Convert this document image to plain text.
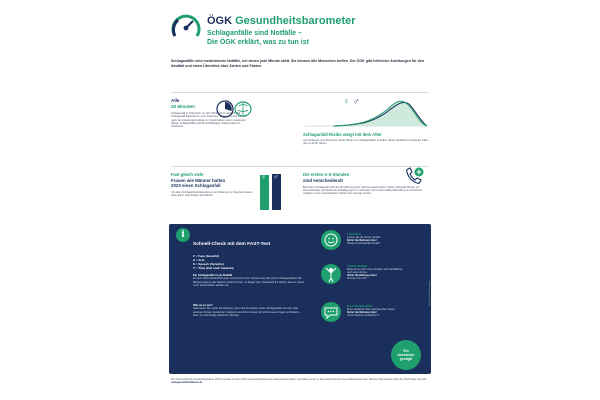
ÖGK Gesundheitsbarometer
Schlaganfälle sind Notfälle –
Die ÖGK erklärt, was zu tun ist
Schlaganfälle sind medizinische Notfälle, bei denen jede Minute zählt. Sie können alle Menschen treffen. Die ÖGK gibt hilfreiche Anleitungen für den Akutfall und einen Überblick über Zahlen und Fakten.
Alle
20 Minuten
Schlaganfall in Österreich. Im Jahr 2023 gab es über 25.000 Schlaganfall-Patientinnen und -Patienten. Viele von ihnen müssen nach dem Akutereignis länger im Spital bleiben oder in stationäre Pflege. Schlaganfälle sind die dritthäufigste Todesursache in Österreich.
♀ ♂
Schlaganfall-Risiko steigt mit dem Alter
Am häufigsten sind Menschen ab 60 Jahren von Schlaganfällen betroffen. Einen deutlichen Anstieg der Fälle gibt es ab 50 Jahren.
Fast gleich viele
Frauen wie Männer hatten
2023 einen Schlaganfall
Von allen Schlaganfall-Patientinnen und -Patienten in Österreich waren etwa gleich viele Frauen wie Männer.
♀ ♂	Die ersten 4–5 Stunden
sind entscheidend!
Bei einem Schlaganfall wird die Durchblutung des Gehirns unterbrochen. Daher zählt jede Minute, um lebenswichtige und bleibende Schädigungen zu verhindern. Am besten sollten Betroffene so schnell wie möglich in einer spezialisierten Stroke Unit versorgt werden.
i
Schnell-Check mit dem FAST-Test
F = Face (Gesicht)
A = Arm
S = Speech (Sprache)
T = Time (Zeit nach handeln)
Ein Schlaganfall ist ein Notfall!
Er kann lebensbedrohlich sein und kommt ohne Vorwarnung. Bei einem Schlaganfall ist die Blutversorgung des Gehirns unterbrochen. Je länger kein Sauerstoff ins Gehirn kommt, desto mehr Gehirnzellen sterben ab.
Was ist zu tun?
Alarmieren Sie sofort die Rettung, wenn Sie Anzeichen eines Schlaganfalls bei sich oder anderen Person bemerken. Notieren und Ärzte können oft schlimmere Folgen verhindern – aber nur rechtzeitig erkannten Wunder.
LÄCHELN
Lassen Sie die Person lächeln.
Sofort die Rettung rufen!
Hängt ein Mundwinkel herab?
ARME HEBEN
Beide Arme nach vorne strecken und Handflächen nach oben drehen.
Sofort die Rettung rufen!
Sinkt ein Arm ab?
NACHSPRECHEN
Einen einfachen Satz nachsprechen lassen.
Sofort die Rettung rufen!
Ist die Sprache verwaschen?
Ein
Anzeichen
genügt!
Quelle: ÖGK-Auswertung
Die Österreichische Gesundheitskasse (ÖGK) bereitet mit dem ÖGK Gesundheitsbarometer wissenswerte Daten und Fakten rund um das österreichische Gesundheitswesen auf. Weitere Informationen über die ÖGK finden Sie hier: www.gesundheitskasse.at
